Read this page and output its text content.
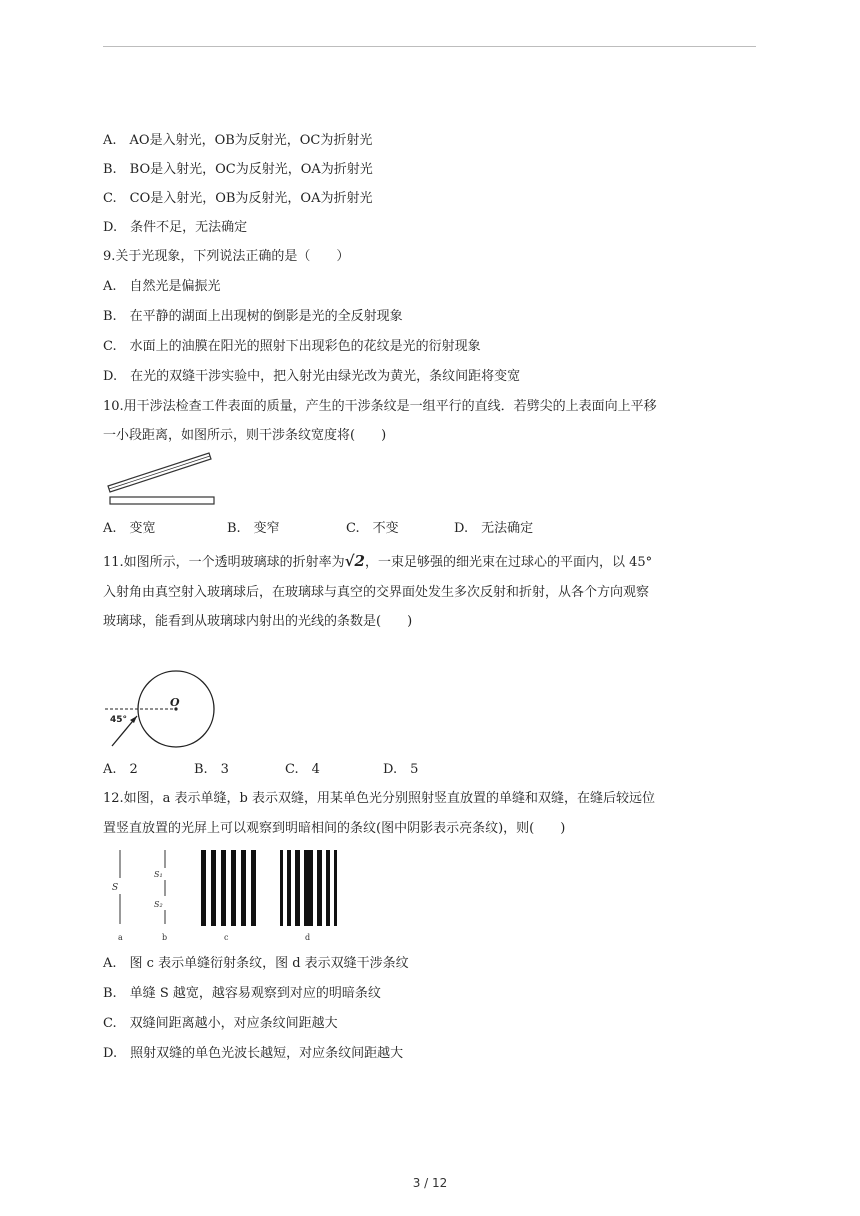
A.　AO是入射光，OB为反射光，OC为折射光
B.　BO是入射光，OC为反射光，OA为折射光
C.　CO是入射光，OB为反射光，OA为折射光
D.　条件不足，无法确定
9.关于光现象，下列说法正确的是（　　）
A.　自然光是偏振光
B.　在平静的湖面上出现树的倒影是光的全反射现象
C.　水面上的油膜在阳光的照射下出现彩色的花纹是光的衍射现象
D.　在光的双缝干涉实验中，把入射光由绿光改为黄光，条纹间距将变宽
10.用干涉法检查工件表面的质量，产生的干涉条纹是一组平行的直线．若劈尖的上表面向上平移
一小段距离，如图所示，则干涉条纹宽度将(　　)
A.　变宽	B.　变窄	C.　不变	D.　无法确定
11.如图所示，一个透明玻璃球的折射率为√2，一束足够强的细光束在过球心的平面内，以 45°
入射角由真空射入玻璃球后，在玻璃球与真空的交界面处发生多次反射和折射，从各个方向观察
玻璃球，能看到从玻璃球内射出的光线的条数是(　　)
O
45°
A.　2	B.　3	C.　4	D.　5
12.如图，a 表示单缝，b 表示双缝，用某单色光分别照射竖直放置的单缝和双缝，在缝后较远位
置竖直放置的光屏上可以观察到明暗相间的条纹(图中阴影表示亮条纹)，则(　　)
S
a
S₁
S₂
b	c	d
A.　图 c 表示单缝衍射条纹，图 d 表示双缝干涉条纹
B.　单缝 S 越宽，越容易观察到对应的明暗条纹
C.　双缝间距离越小，对应条纹间距越大
D.　照射双缝的单色光波长越短，对应条纹间距越大
3 / 12
